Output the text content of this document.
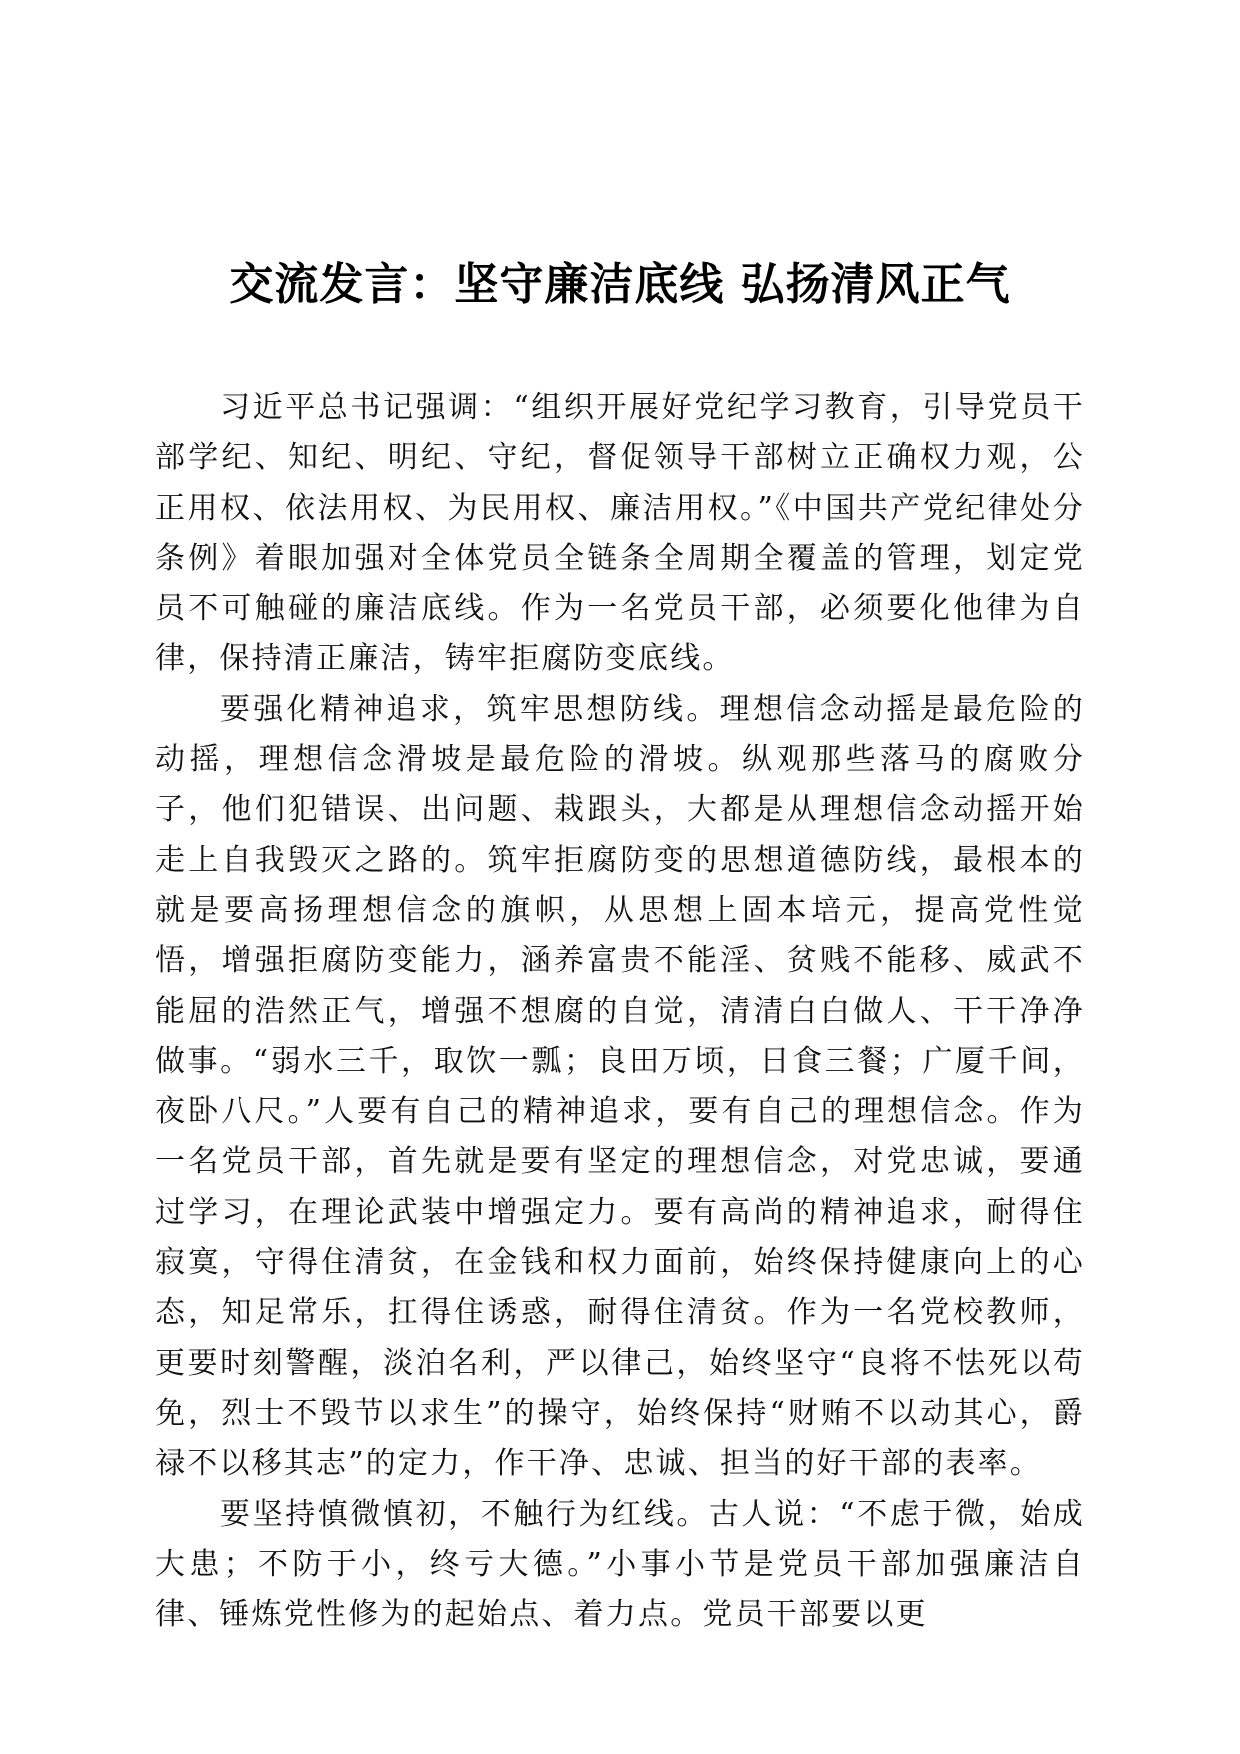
交流发言：坚守廉洁底线 弘扬清风正气

习近平总书记强调：“组织开展好党纪学习教育，引导党员干部学纪、知纪、明纪、守纪，督促领导干部树立正确权力观，公正用权、依法用权、为民用权、廉洁用权。”《中国共产党纪律处分条例》着眼加强对全体党员全链条全周期全覆盖的管理，划定党员不可触碰的廉洁底线。作为一名党员干部，必须要化他律为自律，保持清正廉洁，铸牢拒腐防变底线。

要强化精神追求，筑牢思想防线。理想信念动摇是最危险的动摇，理想信念滑坡是最危险的滑坡。纵观那些落马的腐败分子，他们犯错误、出问题、栽跟头，大都是从理想信念动摇开始走上自我毁灭之路的。筑牢拒腐防变的思想道德防线，最根本的就是要高扬理想信念的旗帜，从思想上固本培元，提高党性觉悟，增强拒腐防变能力，涵养富贵不能淫、贫贱不能移、威武不能屈的浩然正气，增强不想腐的自觉，清清白白做人、干干净净做事。“弱水三千，取饮一瓢；良田万顷，日食三餐；广厦千间，夜卧八尺。”人要有自己的精神追求，要有自己的理想信念。作为一名党员干部，首先就是要有坚定的理想信念，对党忠诚，要通过学习，在理论武装中增强定力。要有高尚的精神追求，耐得住寂寞，守得住清贫，在金钱和权力面前，始终保持健康向上的心态，知足常乐，扛得住诱惑，耐得住清贫。作为一名党校教师，更要时刻警醒，淡泊名利，严以律己，始终坚守“良将不怯死以苟免，烈士不毁节以求生”的操守，始终保持“财贿不以动其心，爵禄不以移其志”的定力，作干净、忠诚、担当的好干部的表率。

要坚持慎微慎初，不触行为红线。古人说：“不虑于微，始成大患；不防于小，终亏大德。”小事小节是党员干部加强廉洁自律、锤炼党性修为的起始点、着力点。党员干部要以更
